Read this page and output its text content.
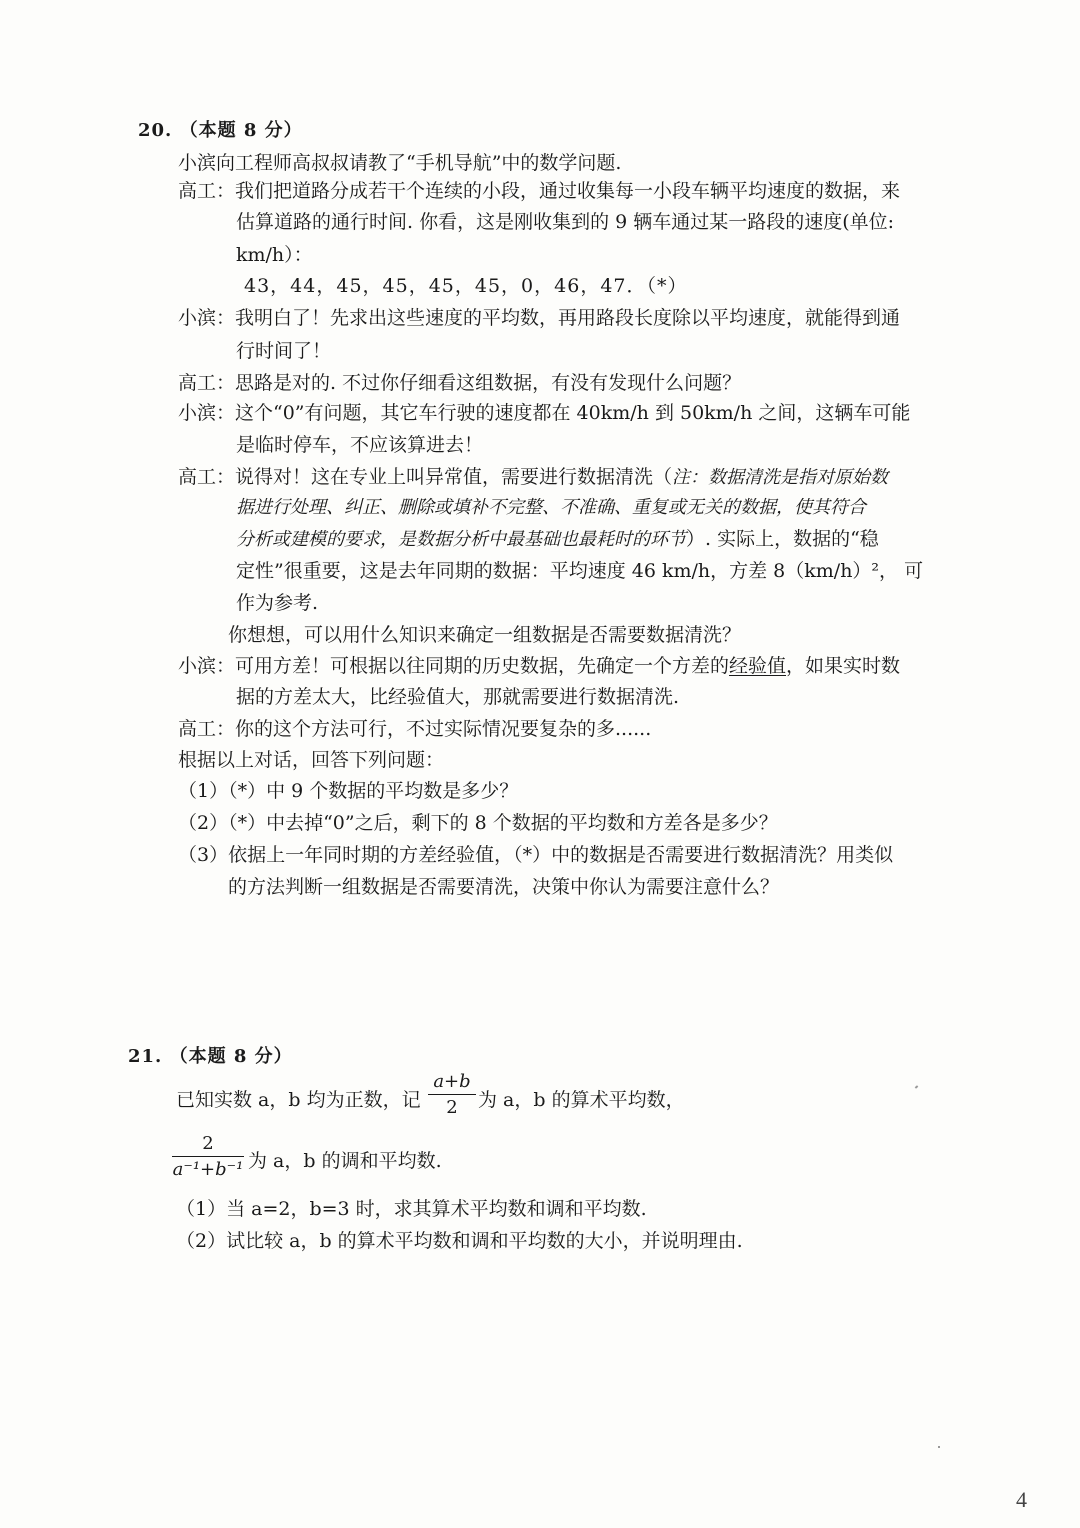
20. （本题 8 分）
小滨向工程师高叔叔请教了“手机导航”中的数学问题.
高工：我们把道路分成若干个连续的小段，通过收集每一小段车辆平均速度的数据，来
估算道路的通行时间. 你看，这是刚收集到的 9 辆车通过某一路段的速度(单位:
km/h）：
43，44，45，45，45，45，0，46，47．（*）
小滨：我明白了！先求出这些速度的平均数，再用路段长度除以平均速度，就能得到通
行时间了！
高工：思路是对的. 不过你仔细看这组数据，有没有发现什么问题？
小滨：这个“0”有问题，其它车行驶的速度都在 40km/h 到 50km/h 之间，这辆车可能
是临时停车，不应该算进去！
高工：说得对！这在专业上叫异常值，需要进行数据清洗（注：数据清洗是指对原始数
据进行处理、纠正、删除或填补不完整、不准确、重复或无关的数据，使其符合
分析或建模的要求，是数据分析中最基础也最耗时的环节）. 实际上，数据的“稳
定性”很重要，这是去年同期的数据：平均速度 46 km/h，方差 8（km/h）²， 可
作为参考.
你想想，可以用什么知识来确定一组数据是否需要数据清洗？
小滨：可用方差！可根据以往同期的历史数据，先确定一个方差的经验值，如果实时数
据的方差太大，比经验值大，那就需要进行数据清洗.
高工：你的这个方法可行，不过实际情况要复杂的多......
根据以上对话，回答下列问题：
（1）（*）中 9 个数据的平均数是多少？
（2）（*）中去掉“0”之后，剩下的 8 个数据的平均数和方差各是多少？
（3）依据上一年同时期的方差经验值，（*）中的数据是否需要进行数据清洗？用类似
的方法判断一组数据是否需要清洗，决策中你认为需要注意什么？
21. （本题 8 分）
已知实数 a，b 均为正数，记
a+b
2	为 a，b 的算术平均数，
2
a⁻¹+b⁻¹ 为 a，b 的调和平均数.
（1）当 a=2，b=3 时，求其算术平均数和调和平均数.
（2）试比较 a，b 的算术平均数和调和平均数的大小，并说明理由.
4
